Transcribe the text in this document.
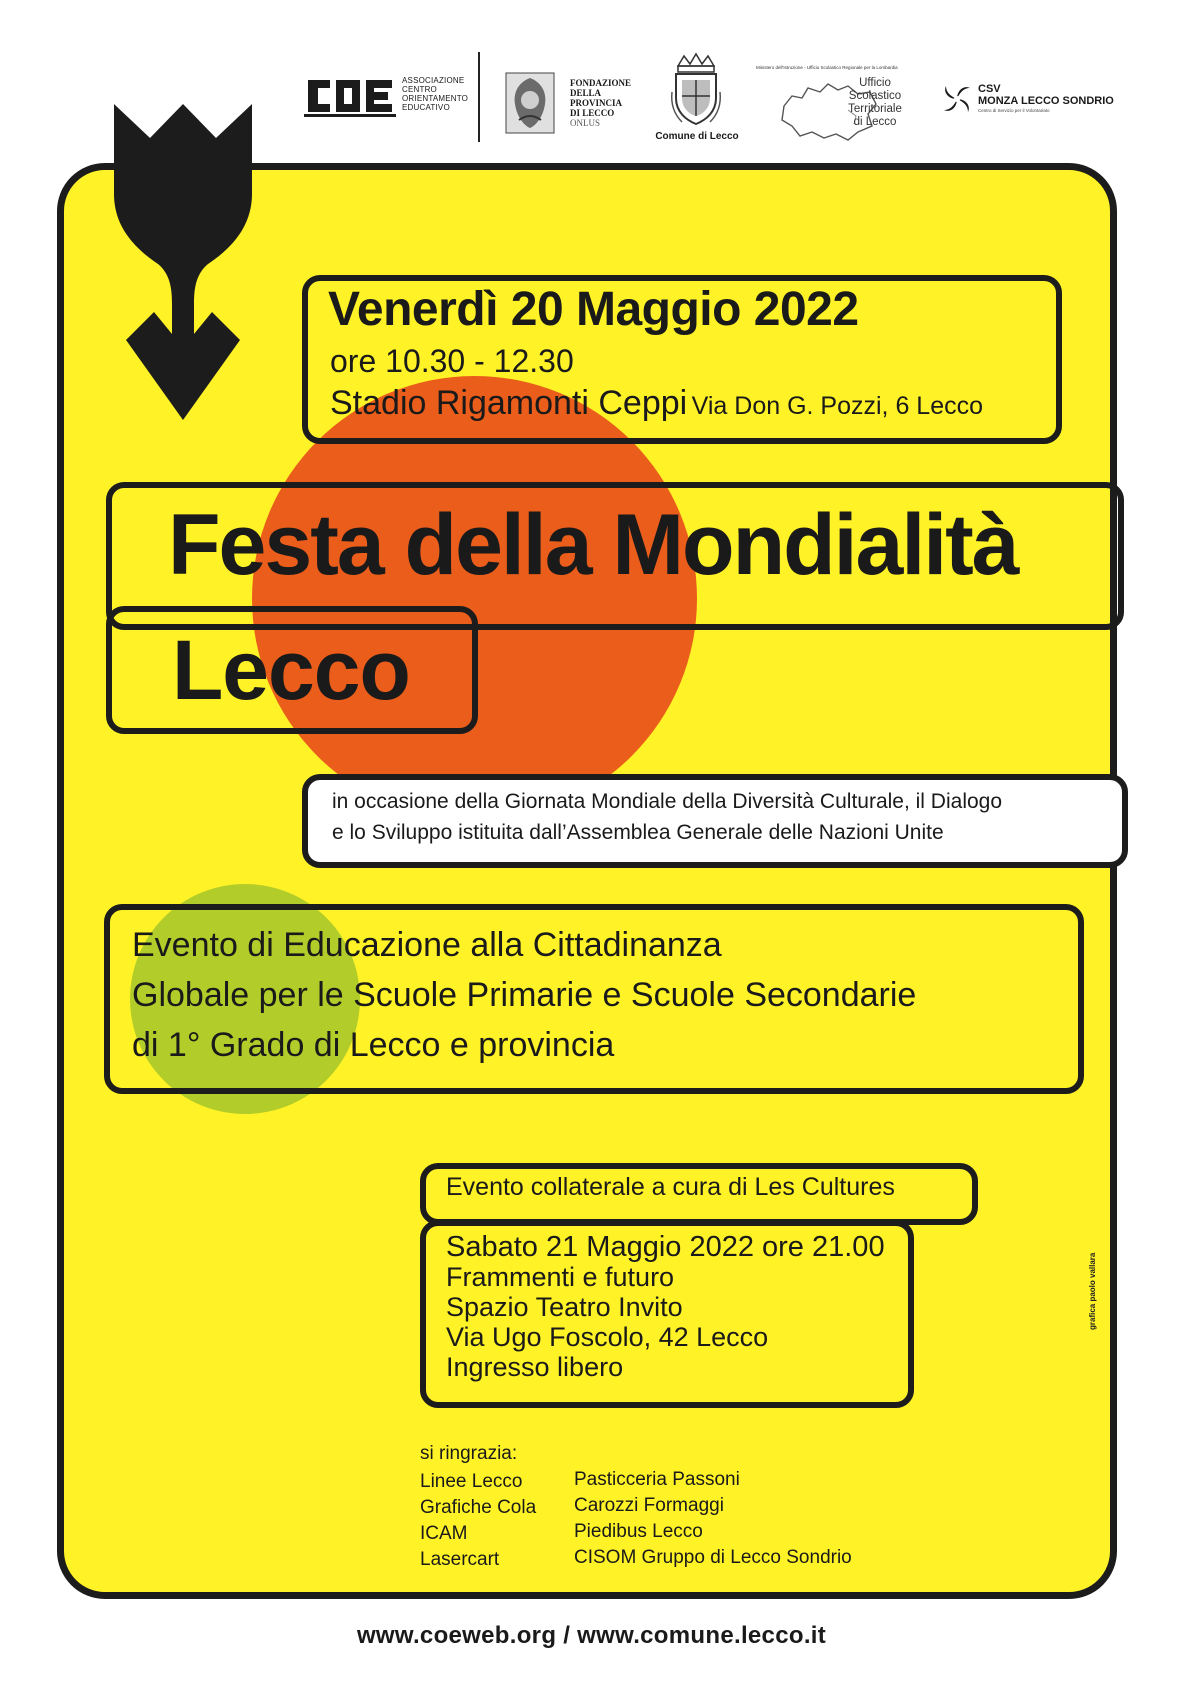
ASSOCIAZIONE
CENTRO
ORIENTAMENTO
EDUCATIVO
FONDAZIONE
DELLA
PROVINCIA
DI LECCO
ONLUS
Comune di Lecco
Ministero dell'Istruzione - Ufficio Scolastico Regionale per la Lombardia
Ufficio
Scolastico
Territoriale
di Lecco
CSV
MONZA LECCO SONDRIO
Centro di Servizio per il Volontariato
Venerdì 20 Maggio 2022
ore 10.30 - 12.30
Stadio Rigamonti Ceppi Via Don G. Pozzi, 6 Lecco
Festa della Mondialità
Lecco
in occasione della Giornata Mondiale della Diversità Culturale, il Dialogo
e lo Sviluppo istituita dall’Assemblea Generale delle Nazioni Unite
Evento di Educazione alla Cittadinanza
Globale per le Scuole Primarie e Scuole Secondarie
di 1° Grado di Lecco e provincia
Evento collaterale a cura di Les Cultures
Sabato 21 Maggio 2022 ore 21.00
Frammenti e futuro
Spazio Teatro Invito
Via Ugo Foscolo, 42 Lecco
Ingresso libero
grafica paolo vallara
si ringrazia:
Linee Lecco
Grafiche Cola
ICAM
Lasercart
Pasticceria Passoni
Carozzi Formaggi
Piedibus Lecco
CISOM Gruppo di Lecco Sondrio
www.coeweb.org / www.comune.lecco.it
